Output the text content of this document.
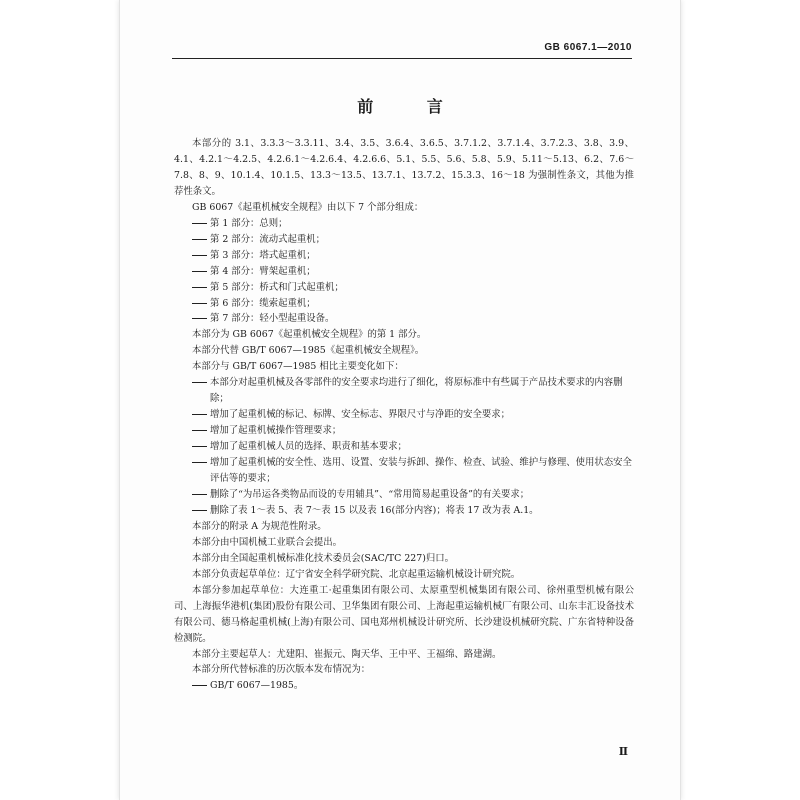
GB 6067.1—2010
前 言

本部分的 3.1、3.3.3～3.3.11、3.4、3.5、3.6.4、3.6.5、3.7.1.2、3.7.1.4、3.7.2.3、3.8、3.9、4.1、4.2.1～4.2.5、4.2.6.1～4.2.6.4、4.2.6.6、5.1、5.5、5.6、5.8、5.9、5.11～5.13、6.2、7.6～7.8、8、9、10.1.4、10.1.5、13.3～13.5、13.7.1、13.7.2、15.3.3、16～18 为强制性条文，其他为推荐性条文。

GB 6067《起重机械安全规程》由以下 7 个部分组成：

第 1 部分：总则；

第 2 部分：流动式起重机；

第 3 部分：塔式起重机；

第 4 部分：臂架起重机；

第 5 部分：桥式和门式起重机；

第 6 部分：缆索起重机；

第 7 部分：轻小型起重设备。

本部分为 GB 6067《起重机械安全规程》的第 1 部分。

本部分代替 GB/T 6067—1985《起重机械安全规程》。

本部分与 GB/T 6067—1985 相比主要变化如下：

本部分对起重机械及各零部件的安全要求均进行了细化，将原标准中有些属于产品技术要求的内容删除；

增加了起重机械的标记、标牌、安全标志、界限尺寸与净距的安全要求；

增加了起重机械操作管理要求；

增加了起重机械人员的选择、职责和基本要求；

增加了起重机械的安全性、选用、设置、安装与拆卸、操作、检查、试验、维护与修理、使用状态安全评估等的要求；

删除了“为吊运各类物品而设的专用辅具”、“常用简易起重设备”的有关要求；

删除了表 1～表 5、表 7～表 15 以及表 16(部分内容)；将表 17 改为表 A.1。

本部分的附录 A 为规范性附录。

本部分由中国机械工业联合会提出。

本部分由全国起重机械标准化技术委员会(SAC/TC 227)归口。

本部分负责起草单位：辽宁省安全科学研究院、北京起重运输机械设计研究院。

本部分参加起草单位：大连重工·起重集团有限公司、太原重型机械集团有限公司、徐州重型机械有限公司、上海振华港机(集团)股份有限公司、卫华集团有限公司、上海起重运输机械厂有限公司、山东丰汇设备技术有限公司、德马格起重机械(上海)有限公司、国电郑州机械设计研究所、长沙建设机械研究院、广东省特种设备检测院。

本部分主要起草人：尤建阳、崔振元、陶天华、王中平、王福绵、路建湖。

本部分所代替标准的历次版本发布情况为：

GB/T 6067—1985。

Ⅱ
